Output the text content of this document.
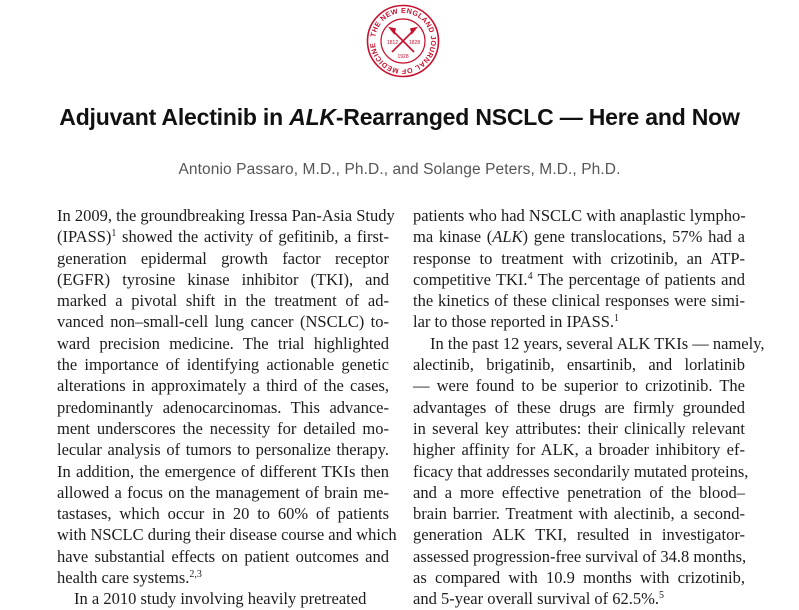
THE NEW ENGLAND JOURNAL OF MEDICINE	1812 1828
1928
Adjuvant Alectinib in ALK-Rearranged NSCLC — Here and Now
Antonio Passaro, M.D., Ph.D., and Solange Peters, M.D., Ph.D.
In 2009, the groundbreaking Iressa Pan-Asia Study
(IPASS)$^1$ showed the activity of gefitinib, a first-
generation epidermal growth factor receptor
(EGFR) tyrosine kinase inhibitor (TKI), and
marked a pivotal shift in the treatment of ad-
vanced non–small-cell lung cancer (NSCLC) to-
ward precision medicine. The trial highlighted
the importance of identifying actionable genetic
alterations in approximately a third of the cases,
predominantly adenocarcinomas. This advance-
ment underscores the necessity for detailed mo-
lecular analysis of tumors to personalize therapy.
In addition, the emergence of different TKIs then
allowed a focus on the management of brain me-
tastases, which occur in 20 to 60% of patients
with NSCLC during their disease course and which
have substantial effects on patient outcomes and
health care systems.$^{2,3}$
In a 2010 study involving heavily pretreated
patients who had NSCLC with anaplastic lympho-
ma kinase (ALK) gene translocations, 57% had a
response to treatment with crizotinib, an ATP-
competitive TKI.$^4$ The percentage of patients and
the kinetics of these clinical responses were simi-
lar to those reported in IPASS.$^1$
In the past 12 years, several ALK TKIs — namely,
alectinib, brigatinib, ensartinib, and lorlatinib
— were found to be superior to crizotinib. The
advantages of these drugs are firmly grounded
in several key attributes: their clinically relevant
higher affinity for ALK, a broader inhibitory ef-
ficacy that addresses secondarily mutated proteins,
and a more effective penetration of the blood–
brain barrier. Treatment with alectinib, a second-
generation ALK TKI, resulted in investigator-
assessed progression-free survival of 34.8 months,
as compared with 10.9 months with crizotinib,
and 5-year overall survival of 62.5%.$^5$
